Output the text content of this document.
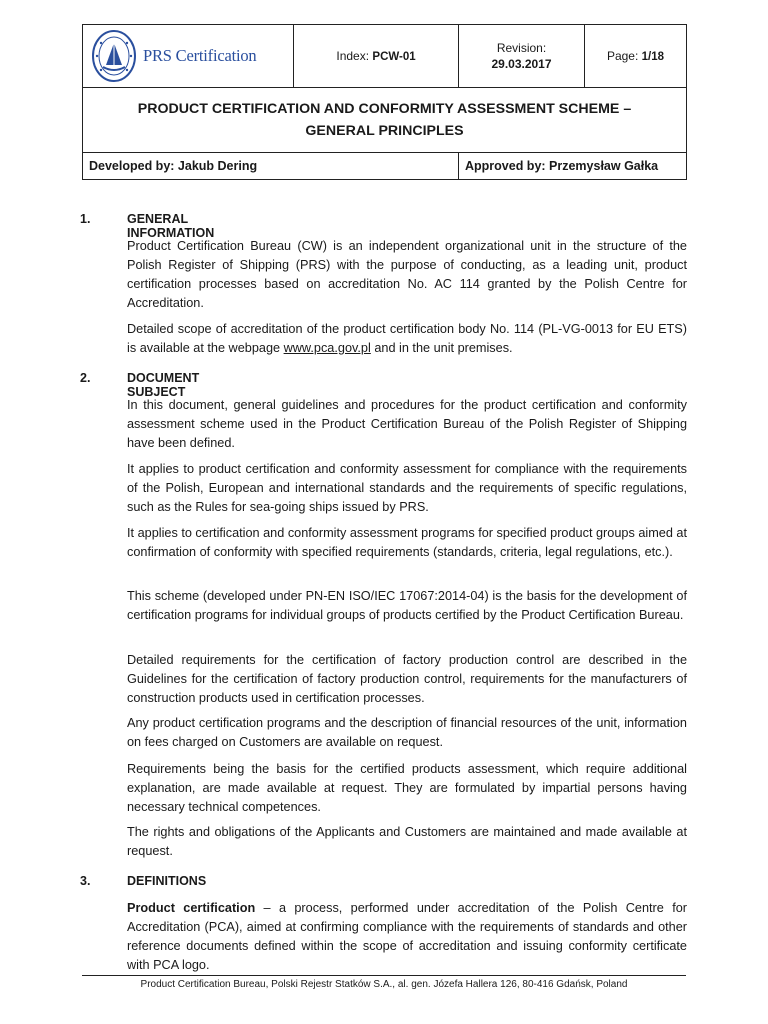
PRS Certification	Index: PCW-01	Revision:
29.03.2017	Page: 1/18

PRODUCT CERTIFICATION AND CONFORMITY ASSESSMENT SCHEME –
GENERAL PRINCIPLES			

Developed by: Jakub Dering		Approved by: Przemysław Gałka	
1.	GENERAL INFORMATION
Product Certification Bureau (CW) is an independent organizational unit in the structure of the Polish Register of Shipping (PRS) with the purpose of conducting, as a leading unit, product certification processes based on accreditation No. AC 114 granted by the Polish Centre for Accreditation.
Detailed scope of accreditation of the product certification body No. 114 (PL-VG-0013 for EU ETS) is available at the webpage www.pca.gov.pl and in the unit premises.
2.	DOCUMENT SUBJECT
In this document, general guidelines and procedures for the product certification and conformity assessment scheme used in the Product Certification Bureau of the Polish Register of Shipping have been defined.
It applies to product certification and conformity assessment for compliance with the requirements of the Polish, European and international standards and the requirements of specific regulations, such as the Rules for sea-going ships issued by PRS.
It applies to certification and conformity assessment programs for specified product groups aimed at confirmation of conformity with specified requirements (standards, criteria, legal regulations, etc.).
This scheme (developed under PN-EN ISO/IEC 17067:2014-04) is the basis for the development of certification programs for individual groups of products certified by the Product Certification Bureau.
Detailed requirements for the certification of factory production control are described in the Guidelines for the certification of factory production control, requirements for the manufacturers of construction products used in certification processes.
Any product certification programs and the description of financial resources of the unit, information on fees charged on Customers are available on request.
Requirements being the basis for the certified products assessment, which require additional explanation, are made available at request. They are formulated by impartial persons having necessary technical competences.
The rights and obligations of the Applicants and Customers are maintained and made available at request.
3.	DEFINITIONS
Product certification – a process, performed under accreditation of the Polish Centre for Accreditation (PCA), aimed at confirming compliance with the requirements of standards and other reference documents defined within the scope of accreditation and issuing conformity certificate with PCA logo.
Product Certification Bureau, Polski Rejestr Statków S.A., al. gen. Józefa Hallera 126, 80-416 Gdańsk, Poland
